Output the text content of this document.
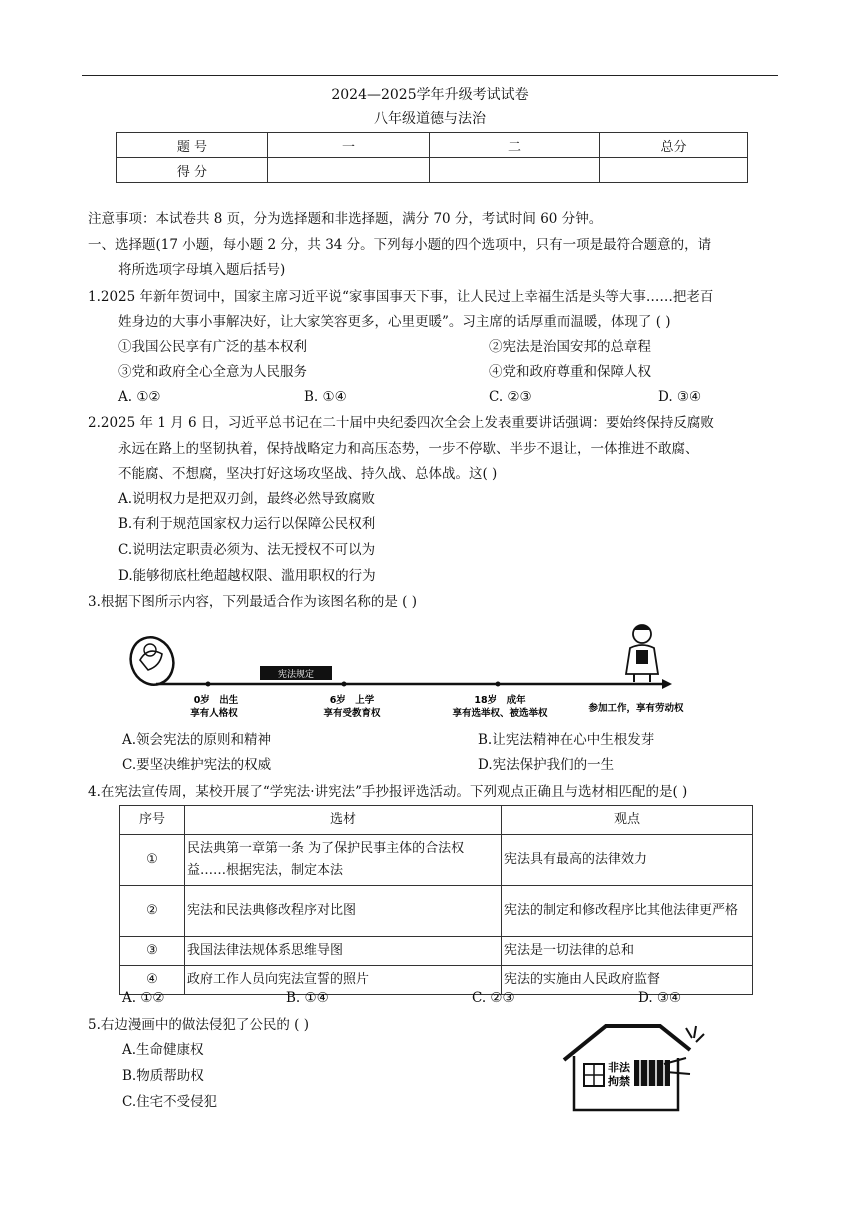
2024—2025学年升级考试试卷
八年级道德与法治
题 号	一	二	总分
得 分			
注意事项：本试卷共 8 页，分为选择题和非选择题，满分 70 分，考试时间 60 分钟。
一、选择题(17 小题，每小题 2 分，共 34 分。下列每小题的四个选项中，只有一项是最符合题意的，请
将所选项字母填入题后括号)
1.2025 年新年贺词中，国家主席习近平说“家事国事天下事，让人民过上幸福生活是头等大事……把老百
姓身边的大事小事解决好，让大家笑容更多，心里更暖”。习主席的话厚重而温暖，体现了 ( )
①我国公民享有广泛的基本权利	②宪法是治国安邦的总章程
③党和政府全心全意为人民服务	④党和政府尊重和保障人权
A. ①②	B. ①④	C. ②③	D. ③④
2.2025 年 1 月 6 日，习近平总书记在二十届中央纪委四次全会上发表重要讲话强调：要始终保持反腐败
永远在路上的坚韧执着，保持战略定力和高压态势，一步不停歇、半步不退让，一体推进不敢腐、
不能腐、不想腐，坚决打好这场攻坚战、持久战、总体战。这( )
A.说明权力是把双刃剑，最终必然导致腐败
B.有利于规范国家权力运行以保障公民权利
C.说明法定职责必须为、法无授权不可以为
D.能够彻底杜绝超越权限、滥用职权的行为
3.根据下图所示内容，下列最适合作为该图名称的是 ( )
宪法规定
0岁　出生
享有人格权
6岁　上学
享有受教育权
18岁　成年
享有选举权、被选举权	参加工作，享有劳动权
A.领会宪法的原则和精神	B.让宪法精神在心中生根发芽
C.要坚决维护宪法的权威	D.宪法保护我们的一生
4.在宪法宣传周，某校开展了“学宪法·讲宪法”手抄报评选活动。下列观点正确且与选材相匹配的是( )
序号	选材	观点
①	民法典第一章第一条 为了保护民事主体的合法权益……根据宪法，制定本法	宪法具有最高的法律效力
②	宪法和民法典修改程序对比图	宪法的制定和修改程序比其他法律更严格
③	我国法律法规体系思维导图	宪法是一切法律的总和
④	政府工作人员向宪法宣誓的照片	宪法的实施由人民政府监督
A. ①②	B. ①④	C. ②③	D. ③④
5.右边漫画中的做法侵犯了公民的 ( )
A.生命健康权
B.物质帮助权
C.住宅不受侵犯
非法
拘禁
